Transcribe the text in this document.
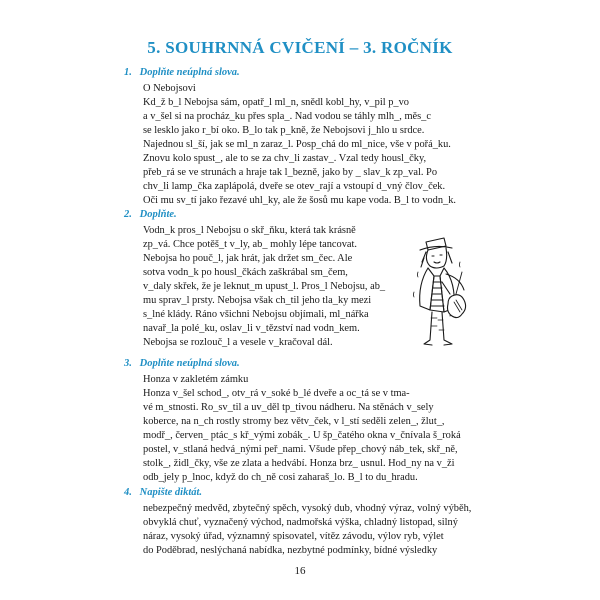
5. SOUHRNNÁ CVIČENÍ – 3. ROČNÍK
1. Doplňte neúplná slova.
O Nebojsovi
Kd_ž b_l Nebojsa sám, opatř_l ml_n, snědl kobl_hy, v_pil p_vo
a v_šel si na procház_ku přes spla_. Nad vodou se táhly mlh_, měs_c
se lesklo jako r_bí oko. B_lo tak p_kně, že Nebojsovi j_hlo u srdce.
Najednou sl_ší, jak se ml_n zaraz_l. Posp_chá do ml_nice, vše v pořá_ku.
Znovu kolo spust_, ale to se za chv_li zastav_. Vzal tedy housl_čky,
přeb_rá se ve strunách a hraje tak l_bezně, jako by _ slav_k zp_val. Po
chv_li lamp_čka zaplápolá, dveře se otev_rají a vstoupí d_vný člov_ček.
Oči mu sv_tí jako řezavé uhl_ky, ale že šosů mu kape voda. B_l to vodn_k.
2. Doplňte.
Vodn_k pros_l Nebojsu o skř_ňku, která tak krásně
zp_vá. Chce potěš_t v_ly, ab_ mohly lépe tancovat.
Nebojsa ho pouč_l, jak hrát, jak držet sm_čec. Ale
sotva vodn_k po housl_čkách zaškrábal sm_čem,
v_daly skřek, že je leknut_m upust_l. Pros_l Nebojsu, ab_
mu sprav_l prsty. Nebojsa však ch_til jeho tla_ky mezi
s_lné klády. Ráno všichni Nebojsu objímali, ml_nářka
navař_la polé_ku, oslav_li v_tězství nad vodn_kem.
Nebojsa se rozlouč_l a vesele v_kračoval dál.
3. Doplňte neúplná slova.
Honza v zakletém zámku
Honza v_šel schod_, otv_rá v_soké b_lé dveře a oc_tá se v tma-
vé m_stnosti. Ro_sv_til a uv_děl tр_tivou nádheru. Na stěnách v_sely
koberce, na n_ch rostly stromy bez větv_ček, v l_stí seděli zelen_, žlut_,
modř_, červen_ ptác_s kř_vými zobák_. U šp_čatého okna v_čnívala š_roká
postel, v_stlaná hedvá_nými peř_nami. Všude přep_chový náb_tek, skř_ně,
stolk_, židl_čky, vše ze zlata a hedvábí. Honza brz_ usnul. Hod_ny na v_ži
odb_jely p_lnoc, když do ch_ně cosi zaharaš_lo. B_l to du_hradu.
4. Napište diktát.
nebezpečný medvěd, zbytečný spěch, vysoký dub, vhodný výraz, volný výběh,
obvyklá chuť, vyznačený východ, nadmořská výška, chladný listopad, silný
náraz, vysoký úřad, významný spisovatel, vítěz závodu, výlov ryb, výlet
do Poděbrad, neslýchaná nabídka, nezbytné podmínky, bídné výsledky
16
